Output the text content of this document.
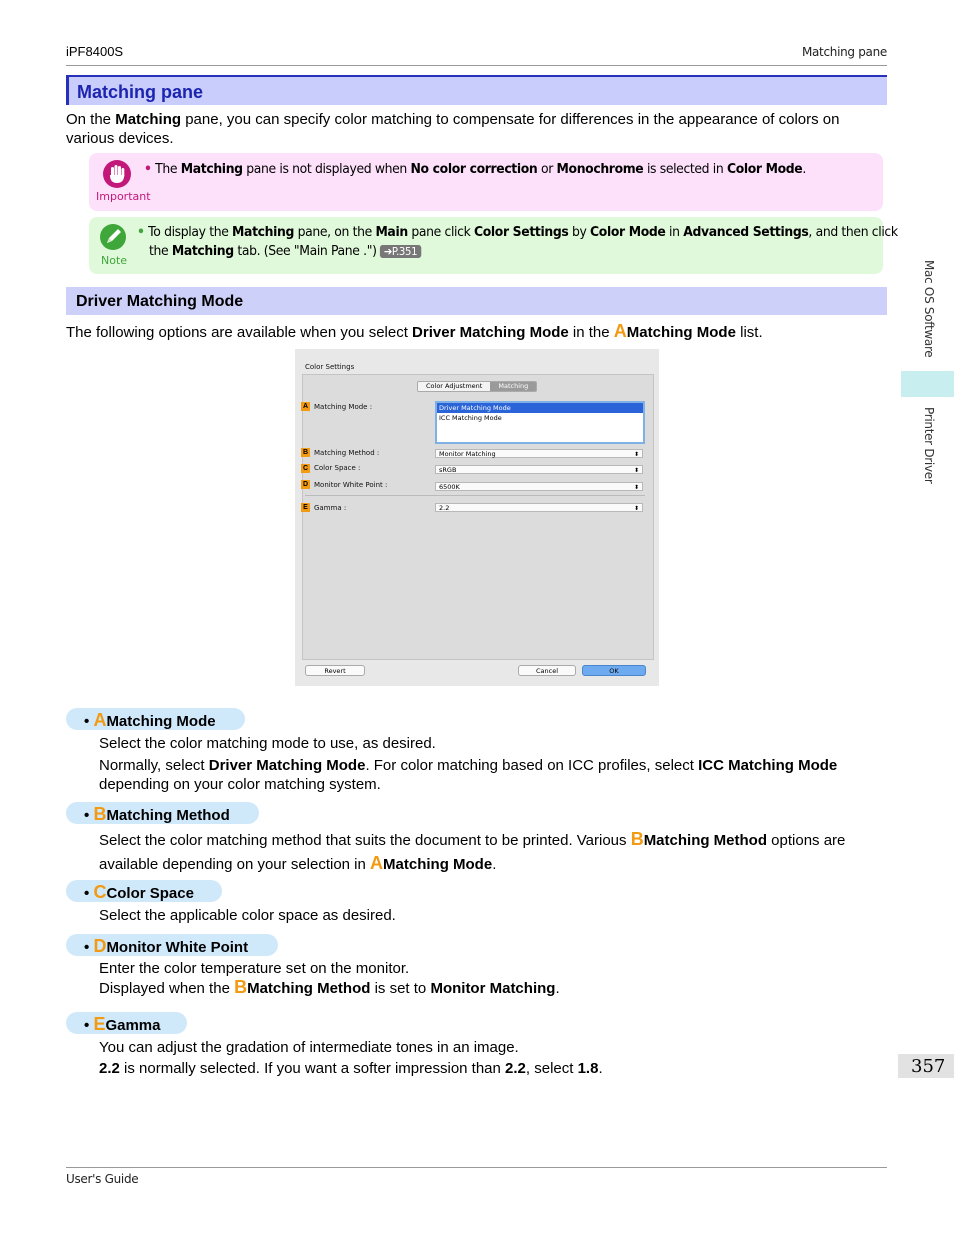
iPF8400S	Matching pane
Matching pane
On the Matching pane, you can specify color matching to compensate for differences in the appearance of colors on
various devices.
Important
• The Matching pane is not displayed when No color correction or Monochrome is selected in Color Mode.
Note
• To display the Matching pane, on the Main pane click Color Settings by Color Mode in Advanced Settings, and then click
the Matching tab. (See "Main Pane .") ➔P.351
Driver Matching Mode
The following options are available when you select Driver Matching Mode in the AMatching Mode list.
Color Settings
Color Adjustment	Matching
A Matching Mode :	Driver Matching Mode
ICC Matching Mode
B Matching Method :	Monitor Matching	⬍
C Color Space :	sRGB	⬍
D Monitor White Point :	6500K	⬍
E Gamma :	2.2	⬍
Revert	Cancel	OK
• AMatching Mode
Select the color matching mode to use, as desired.
Normally, select Driver Matching Mode. For color matching based on ICC profiles, select ICC Matching Mode
depending on your color matching system.
• BMatching Method
Select the color matching method that suits the document to be printed. Various BMatching Method options are
available depending on your selection in AMatching Mode.
• CColor Space
Select the applicable color space as desired.
• DMonitor White Point
Enter the color temperature set on the monitor.
Displayed when the BMatching Method is set to Monitor Matching.
• EGamma
You can adjust the gradation of intermediate tones in an image.
2.2 is normally selected. If you want a softer impression than 2.2, select 1.8.
Mac OS Software
Printer Driver
357
User's Guide
